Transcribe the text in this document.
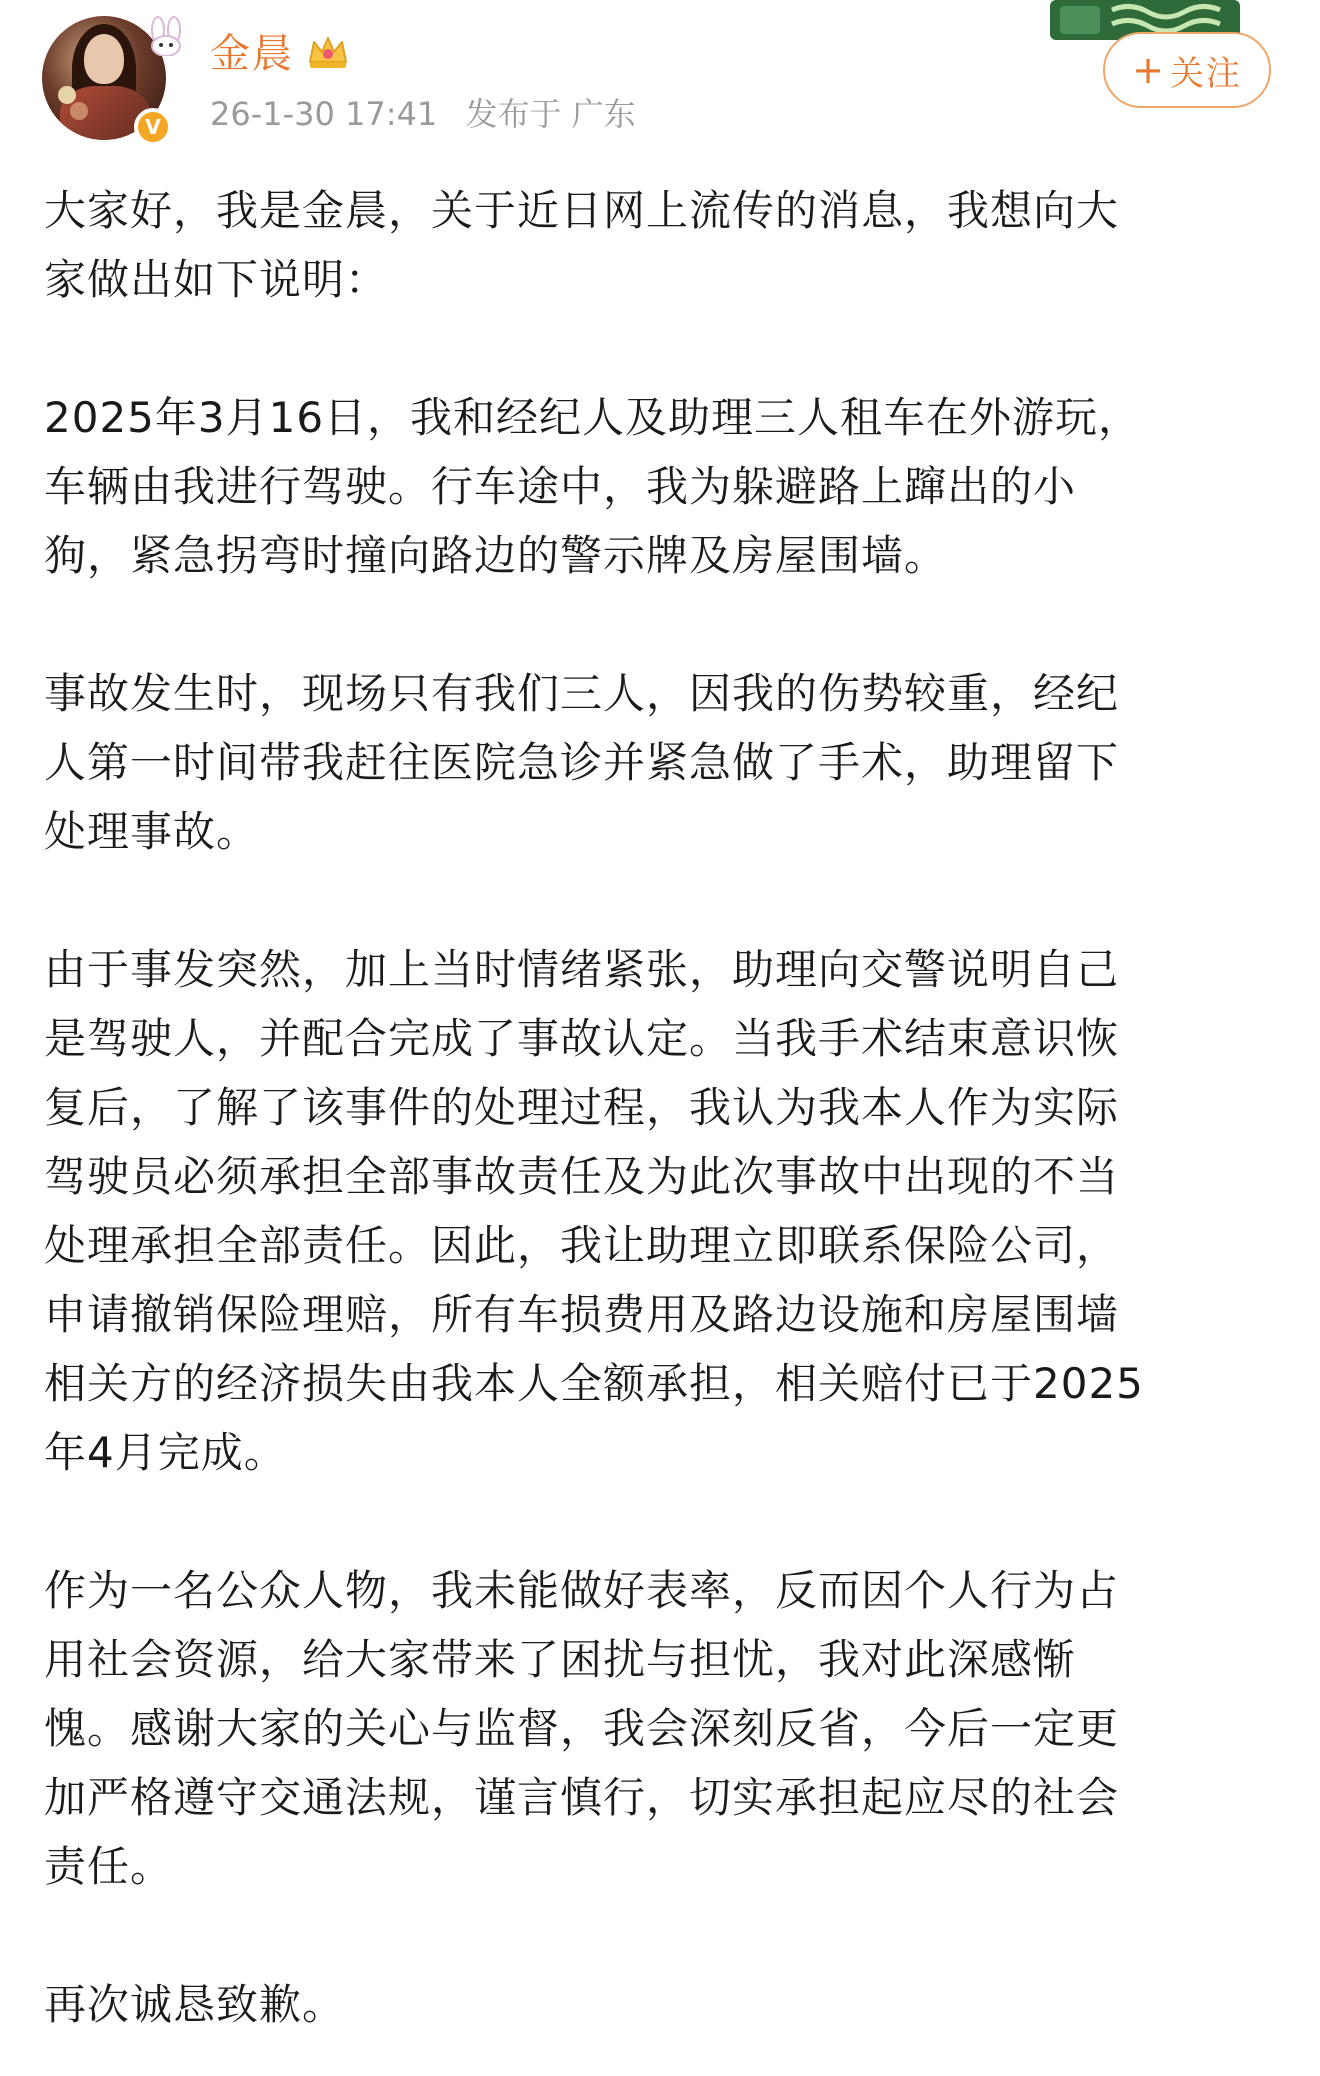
V
金晨
26-1-30 17:41 发布于 广东
+ 关注

大家好，我是金晨，关于近日网上流传的消息，我想向大
家做出如下说明：

2025年3月16日，我和经纪人及助理三人租车在外游玩，
车辆由我进行驾驶。行车途中，我为躲避路上蹿出的小
狗，紧急拐弯时撞向路边的警示牌及房屋围墙。

事故发生时，现场只有我们三人，因我的伤势较重，经纪
人第一时间带我赶往医院急诊并紧急做了手术，助理留下
处理事故。

由于事发突然，加上当时情绪紧张，助理向交警说明自己
是驾驶人，并配合完成了事故认定。当我手术结束意识恢
复后，了解了该事件的处理过程，我认为我本人作为实际
驾驶员必须承担全部事故责任及为此次事故中出现的不当
处理承担全部责任。因此，我让助理立即联系保险公司，
申请撤销保险理赔，所有车损费用及路边设施和房屋围墙
相关方的经济损失由我本人全额承担，相关赔付已于2025
年4月完成。

作为一名公众人物，我未能做好表率，反而因个人行为占
用社会资源，给大家带来了困扰与担忧，我对此深感惭
愧。感谢大家的关心与监督，我会深刻反省，今后一定更
加严格遵守交通法规，谨言慎行，切实承担起应尽的社会
责任。

再次诚恳致歉。
